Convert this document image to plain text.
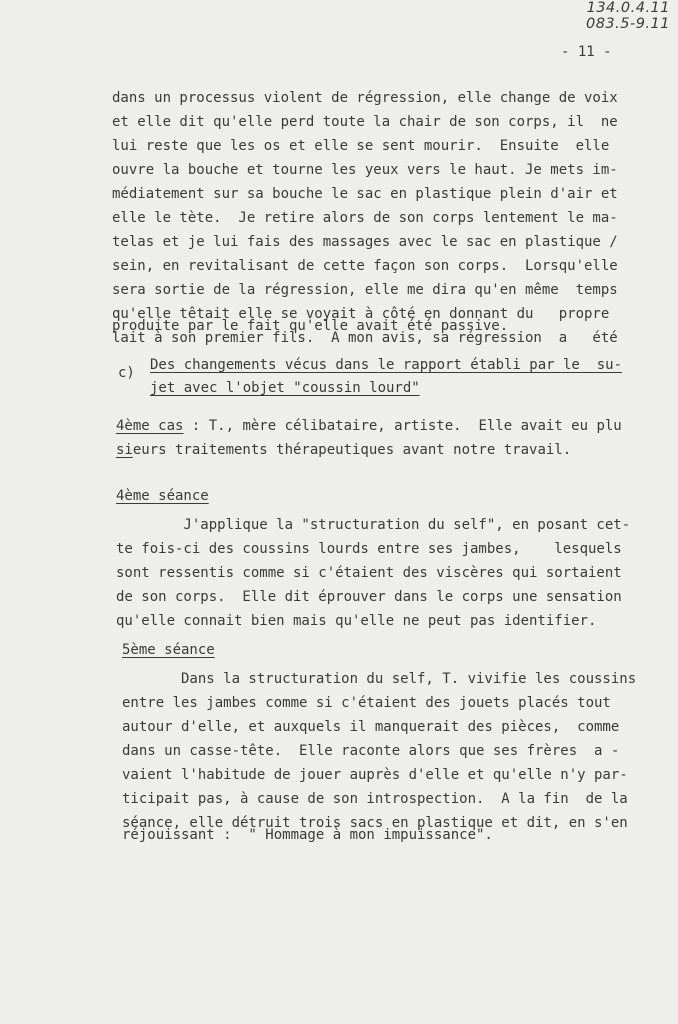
134.0.4.11
083.5-9.11
- 11 -
dans un processus violent de régression, elle change de voix
et elle dit qu'elle perd toute la chair de son corps, il  ne
lui reste que les os et elle se sent mourir.  Ensuite  elle
ouvre la bouche et tourne les yeux vers le haut. Je mets im-
médiatement sur sa bouche le sac en plastique plein d'air et
elle le tète.  Je retire alors de son corps lentement le ma-
telas et je lui fais des massages avec le sac en plastique /
sein, en revitalisant de cette façon son corps.  Lorsqu'elle
sera sortie de la régression, elle me dira qu'en même  temps
qu'elle têtait elle se voyait à côté en donnant du   propre
lait à son premier fils.  A mon avis, sa régression  a   été
produite par le fait qu'elle avait été passive.
c) Des changements vécus dans le rapport établi par le  su-
jet avec l'objet "coussin lourd"
4ème cas : T., mère célibataire, artiste.  Elle avait eu plu
sieurs traitements thérapeutiques avant notre travail.
4ème séance
J'applique la "structuration du self", en posant cet-
te fois-ci des coussins lourds entre ses jambes,    lesquels
sont ressentis comme si c'étaient des viscères qui sortaient
de son corps.  Elle dit éprouver dans le corps une sensation
qu'elle connait bien mais qu'elle ne peut pas identifier.
5ème séance
Dans la structuration du self, T. vivifie les coussins
entre les jambes comme si c'étaient des jouets placés tout
autour d'elle, et auxquels il manquerait des pièces,  comme
dans un casse-tête.  Elle raconte alors que ses frères  a -
vaient l'habitude de jouer auprès d'elle et qu'elle n'y par-
ticipait pas, à cause de son introspection.  A la fin  de la
séance, elle détruit trois sacs en plastique et dit, en s'en
réjouissant :  " Hommage à mon impuissance".
